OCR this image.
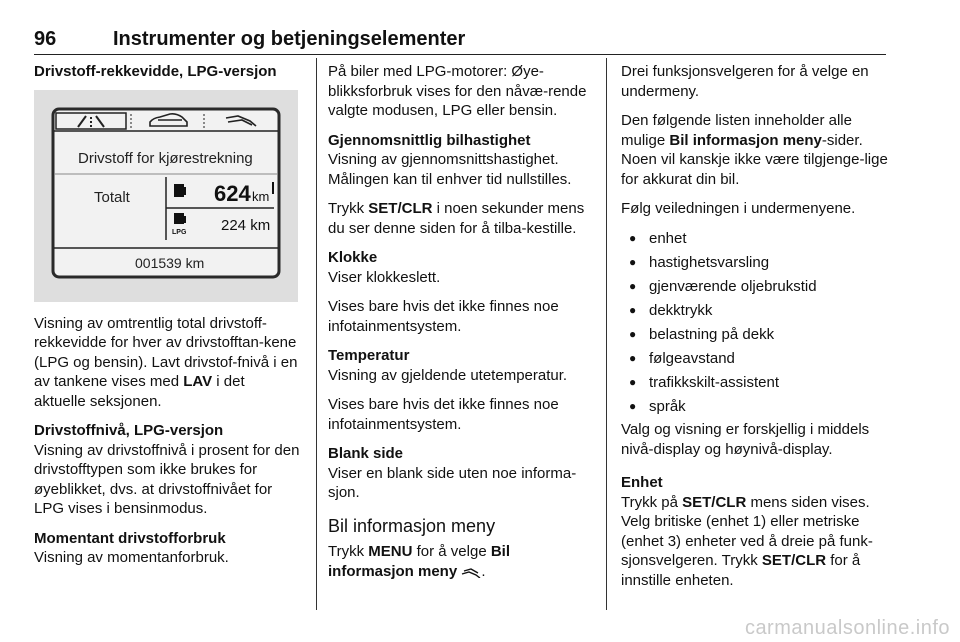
96	Instrumenter og betjeningselementer
Drivstoff-rekkevidde, LPG-versjon
Drivstoff for kjørestrekning
Totalt	624 km
LPG 224 km
001539 km

Visning av omtrentlig total drivstoff-rekkevidde for hver av drivstofftan-kene (LPG og bensin). Lavt drivstof-fnivå i en av tankene vises med LAV i det aktuelle seksjonen.

Drivstoffnivå, LPG-versjon

Visning av drivstoffnivå i prosent for den drivstofftypen som ikke brukes for øyeblikket, dvs. at drivstoffnivået for LPG vises i bensinmodus.

Momentant drivstofforbruk

Visning av momentanforbruk.

På biler med LPG-motorer: Øye-blikksforbruk vises for den nåvæ-rende valgte modusen, LPG eller bensin.

Gjennomsnittlig bilhastighet

Visning av gjennomsnittshastighet. Målingen kan til enhver tid nullstilles.

Trykk SET/CLR i noen sekunder mens du ser denne siden for å tilba-kestille.

Klokke

Viser klokkeslett.

Vises bare hvis det ikke finnes noe infotainmentsystem.

Temperatur

Visning av gjeldende utetemperatur.

Vises bare hvis det ikke finnes noe infotainmentsystem.

Blank side

Viser en blank side uten noe informa-sjon.

Bil informasjon meny

Trykk MENU for å velge Bil informasjon meny .

Drei funksjonsvelgeren for å velge en undermeny.

Den følgende listen inneholder alle mulige Bil informasjon meny-sider. Noen vil kanskje ikke være tilgjenge-lige for akkurat din bil.

Følg veiledningen i undermenyene.

● enhet
● hastighetsvarsling
● gjenværende oljebrukstid
● dekktrykk
● belastning på dekk
● følgeavstand
● trafikkskilt-assistent
● språk

Valg og visning er forskjellig i middels nivå-display og høynivå-display.

Enhet

Trykk på SET/CLR mens siden vises. Velg britiske (enhet 1) eller metriske (enhet 3) enheter ved å dreie på funk-sjonsvelgeren. Trykk SET/CLR for å innstille enheten.

carmanualsonline.info
